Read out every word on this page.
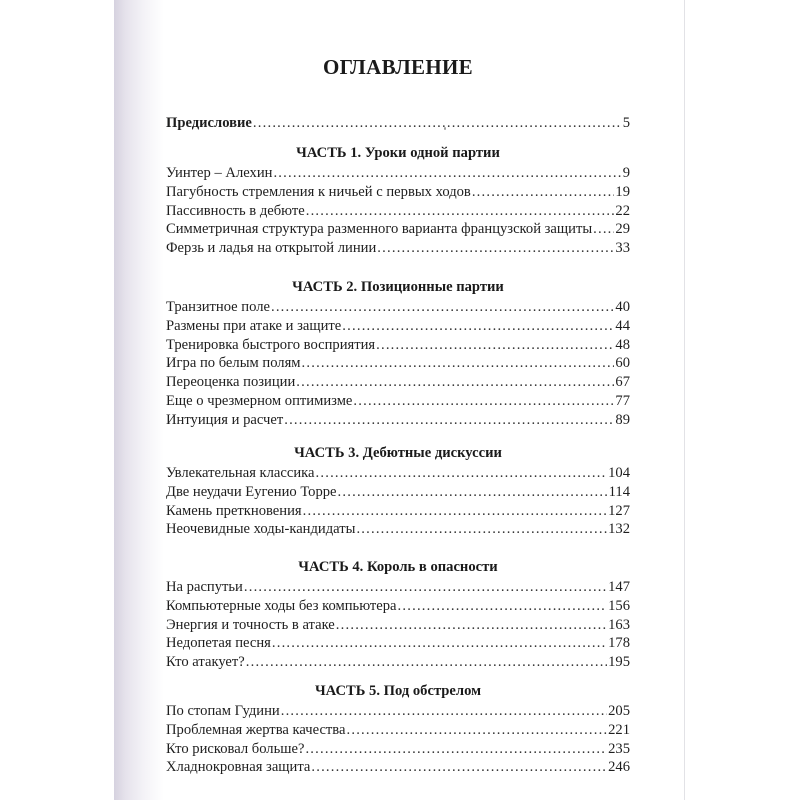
ОГЛАВЛЕНИЕ
Предисловие .....	5
ЧАСТЬ 1. Уроки одной партии
Уинтер – Алехин .....	9
Пагубность стремления к ничьей с первых ходов .....	19
Пассивность в дебюте .....	22
Симметричная структура разменного варианта французской защиты ..... 29
Ферзь и ладья на открытой линии .....	33
ЧАСТЬ 2. Позиционные партии
Транзитное поле .....	40
Размены при атаке и защите .....	44
Тренировка быстрого восприятия .....	48
Игра по белым полям .....	60
Переоценка позиции .....	67
Еще о чрезмерном оптимизме .....	77
Интуиция и расчет .....	89
ЧАСТЬ 3. Дебютные дискуссии
Увлекательная классика .....	104
Две неудачи Еугенио Торре .....	114
Камень преткновения .....	127
Неочевидные ходы-кандидаты .....	132
ЧАСТЬ 4. Король в опасности
На распутьи .....	147
Компьютерные ходы без компьютера .....	156
Энергия и точность в атаке .....	163
Недопетая песня .....	178
Кто атакует? .....	195
ЧАСТЬ 5. Под обстрелом
По стопам Гудини .....	205
Проблемная жертва качества .....	221
Кто рисковал больше? .....	235
Хладнокровная защита .....	246
